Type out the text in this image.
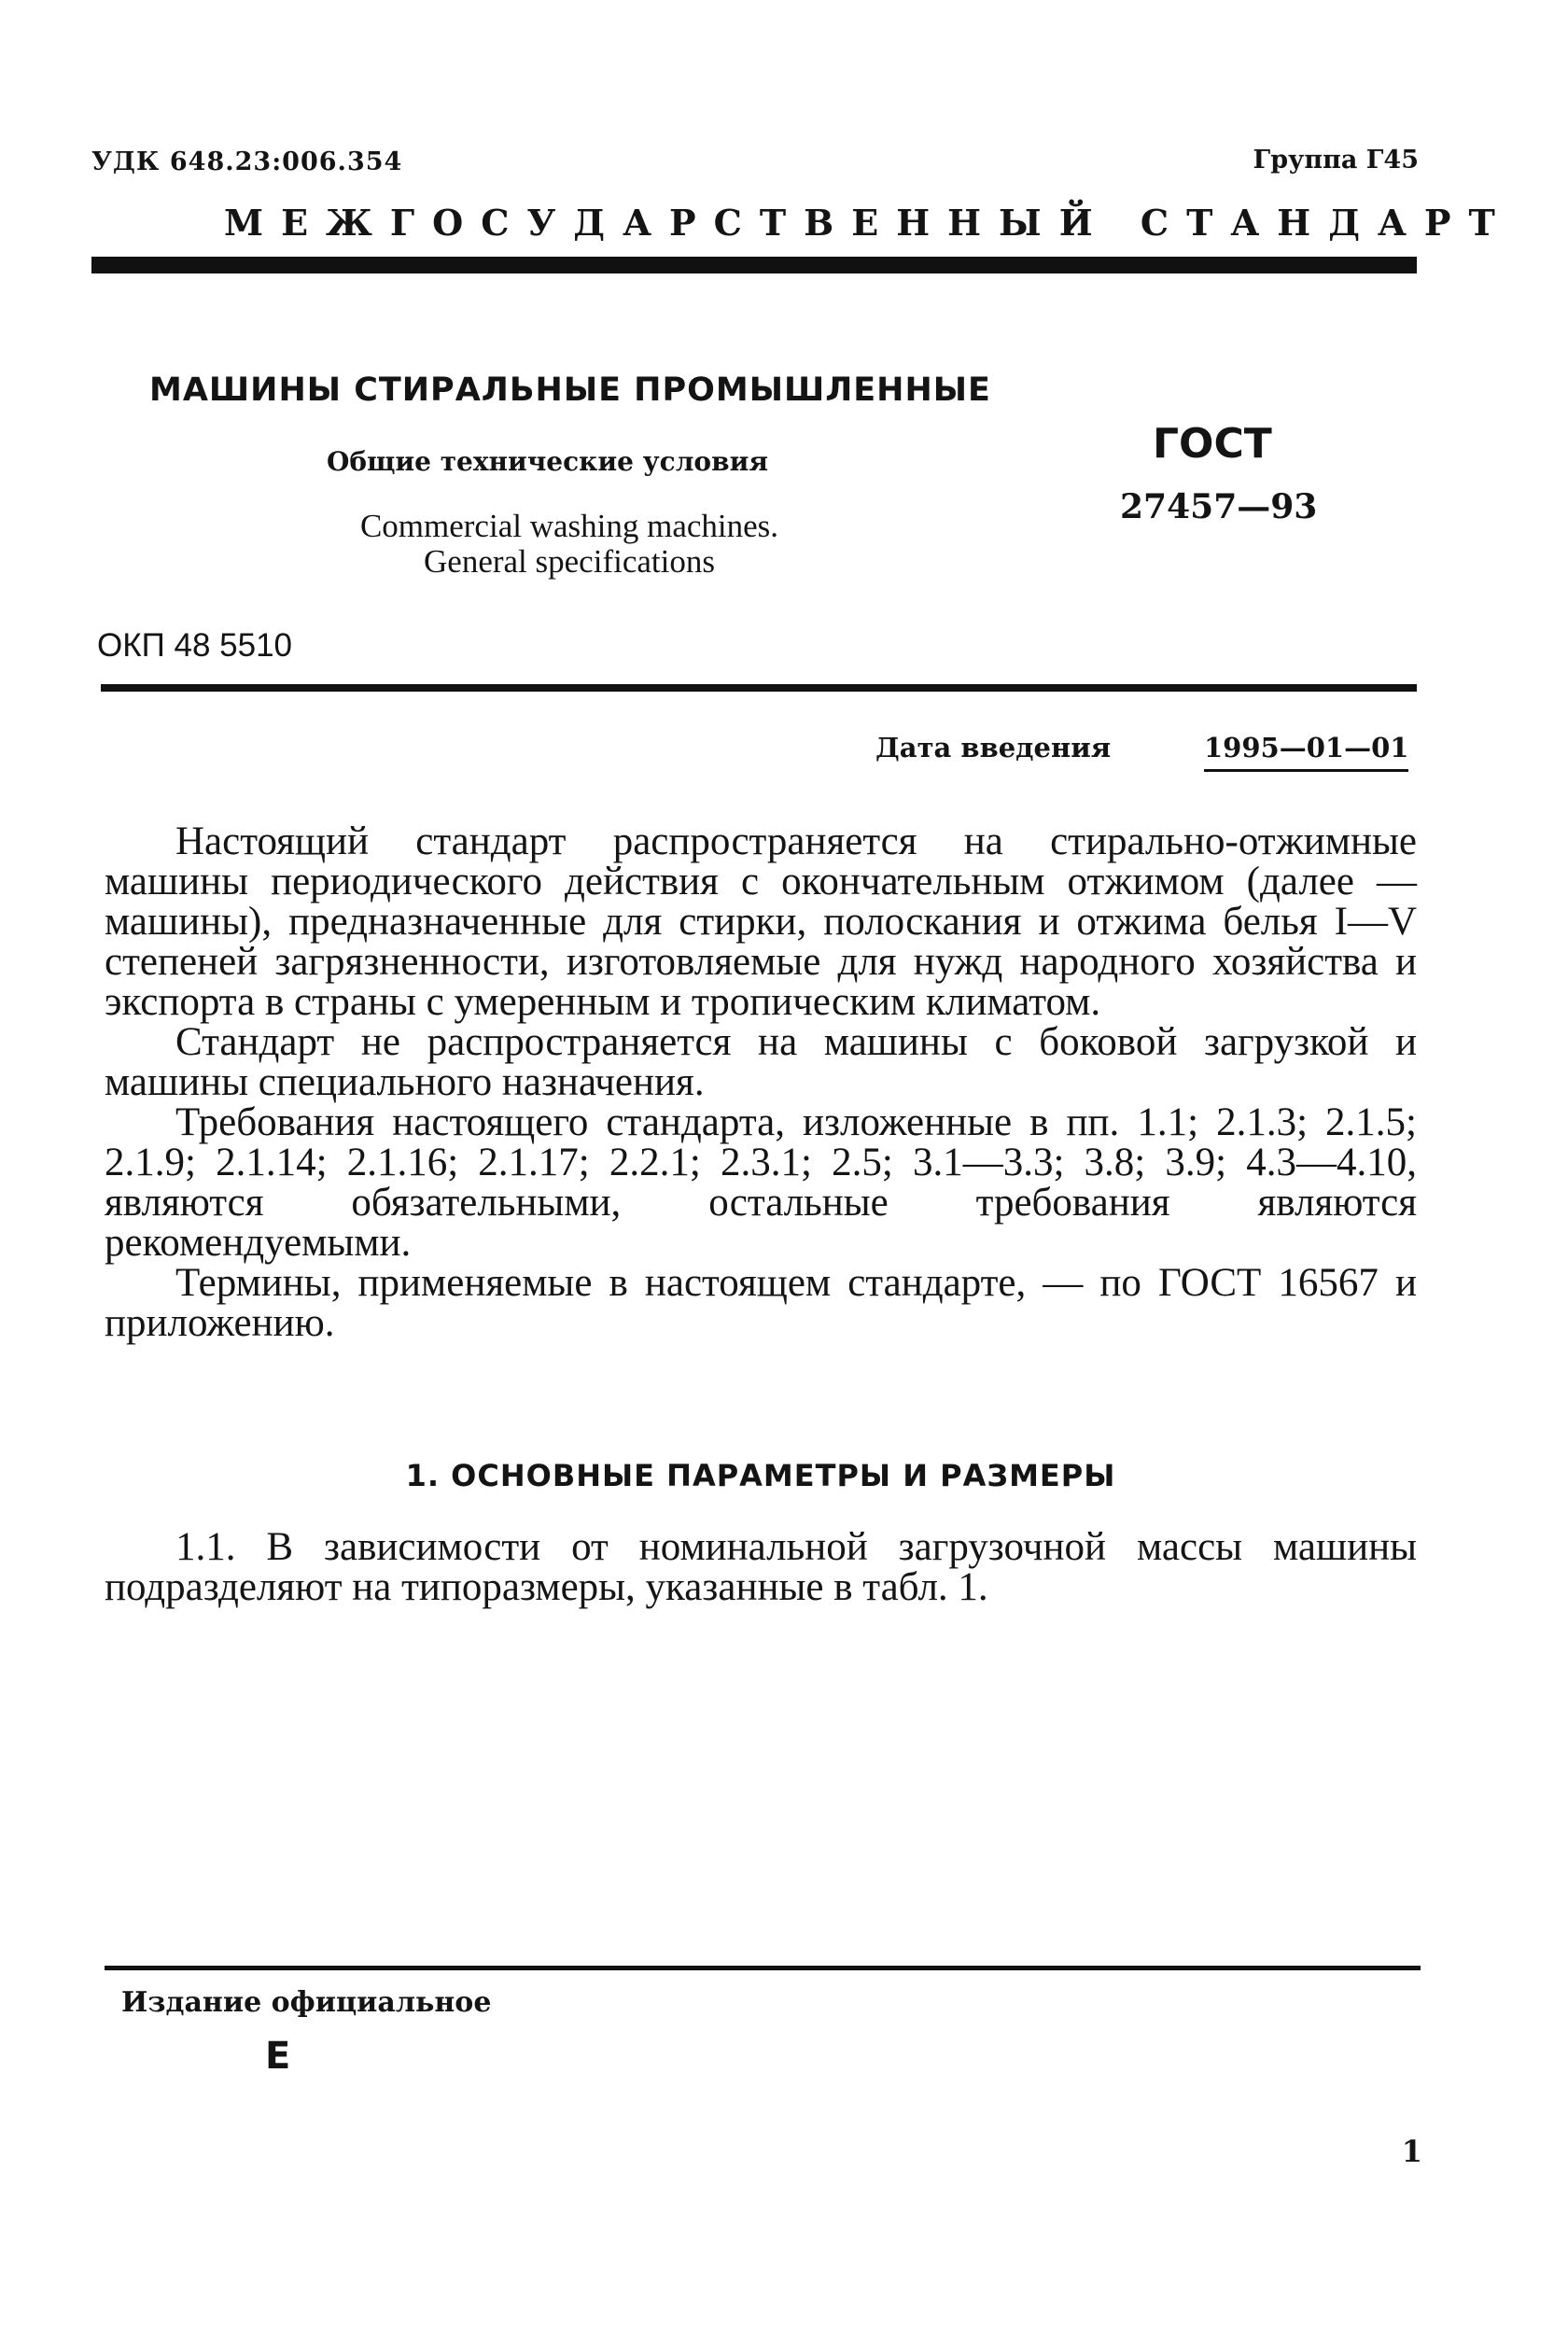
УДК 648.23:006.354	Группа Г45
МЕЖГОСУДАРСТВЕННЫЙ СТАНДАРТ
МАШИНЫ СТИРАЛЬНЫЕ ПРОМЫШЛЕННЫЕ
Общие технические условия
Commercial washing machines.
General specifications
ГОСТ
27457—93
ОКП 48 5510
Дата введения	1995—01—01

Настоящий стандарт распространяется на стирально-отжимные машины периодического действия с окончательным отжимом (далее — машины), предназначенные для стирки, полоскания и отжима белья I—V степеней загрязненности, изготовляемые для нужд народного хозяйства и экспорта в страны с умеренным и тропическим климатом.

Стандарт не распространяется на машины с боковой загрузкой и машины специального назначения.

Требования настоящего стандарта, изложенные в пп. 1.1; 2.1.3; 2.1.5; 2.1.9; 2.1.14; 2.1.16; 2.1.17; 2.2.1; 2.3.1; 2.5; 3.1—3.3; 3.8; 3.9; 4.3—4.10, являются обязательными, остальные требования являются рекомендуемыми.

Термины, применяемые в настоящем стандарте, — по ГОСТ 16567 и приложению.

1. ОСНОВНЫЕ ПАРАМЕТРЫ И РАЗМЕРЫ

1.1. В зависимости от номинальной загрузочной массы машины подразделяют на типоразмеры, указанные в табл. 1.

Издание официальное
Е
1
